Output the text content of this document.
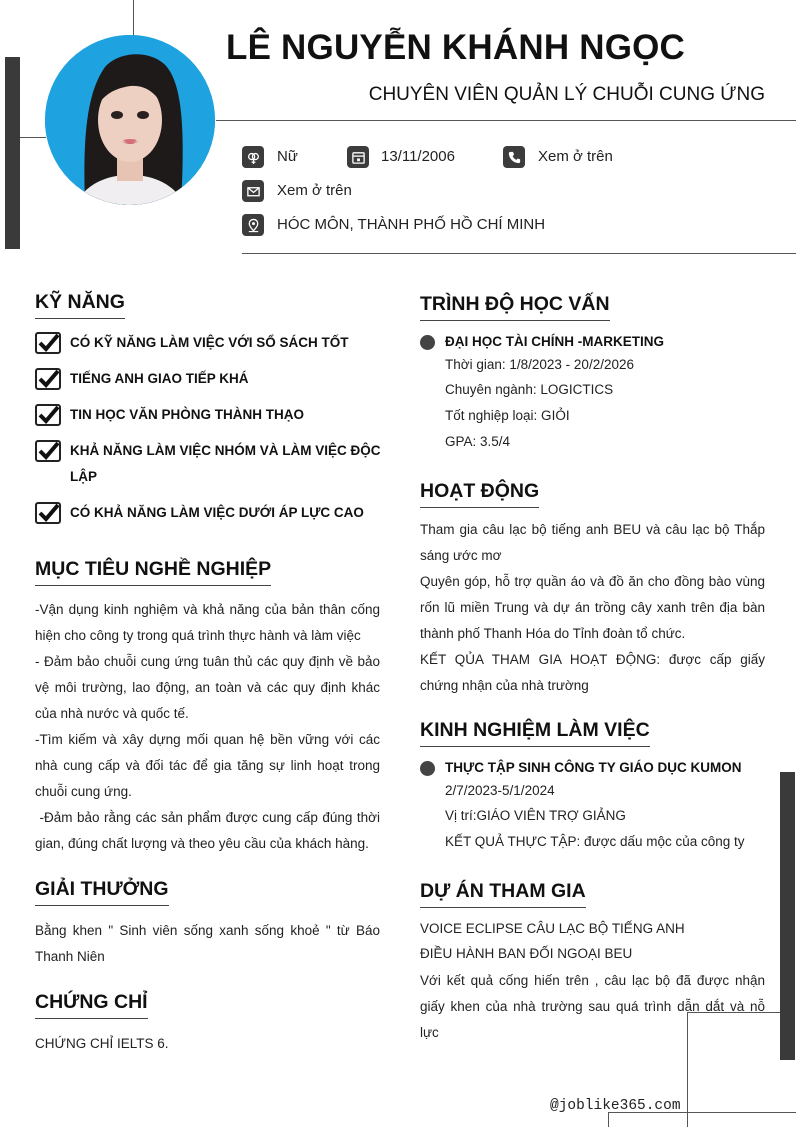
LÊ NGUYỄN KHÁNH NGỌC
CHUYÊN VIÊN QUẢN LÝ CHUỖI CUNG ỨNG
Nữ	13/11/2006	Xem ở trên
Xem ở trên
HÓC MÔN, THÀNH PHỐ HỒ CHÍ MINH
KỸ NĂNG
CÓ KỸ NĂNG LÀM VIỆC VỚI SỔ SÁCH TỐT
TIẾNG ANH GIAO TIẾP KHÁ
TIN HỌC VĂN PHÒNG THÀNH THẠO
KHẢ NĂNG LÀM VIỆC NHÓM VÀ LÀM VIỆC ĐỘC LẬP
CÓ KHẢ NĂNG LÀM VIỆC DƯỚI ÁP LỰC CAO
MỤC TIÊU NGHỀ NGHIỆP
-Vận dụng kinh nghiệm và khả năng của bản thân cống hiện cho công ty trong quá trình thực hành và làm việc
- Đảm bảo chuỗi cung ứng tuân thủ các quy định về bảo vệ môi trường, lao động, an toàn và các quy định khác của nhà nước và quốc tế.
-Tìm kiếm và xây dựng mối quan hệ bền vững với các nhà cung cấp và đối tác để gia tăng sự linh hoạt trong chuỗi cung ứng.
-Đảm bảo rằng các sản phẩm được cung cấp đúng thời gian, đúng chất lượng và theo yêu cầu của khách hàng.
GIẢI THƯỞNG
Bằng khen " Sinh viên sống xanh sống khoẻ " từ Báo Thanh Niên
CHỨNG CHỈ
CHỨNG CHỈ IELTS 6.
TRÌNH ĐỘ HỌC VẤN
ĐẠI HỌC TÀI CHÍNH -MARKETING
Thời gian: 1/8/2023 - 20/2/2026
Chuyên ngành: LOGICTICS
Tốt nghiệp loại: GIỎI
GPA: 3.5/4
HOẠT ĐỘNG
Tham gia câu lạc bộ tiếng anh BEU và câu lạc bộ Thắp sáng ước mơ
Quyên góp, hỗ trợ quần áo và đồ ăn cho đồng bào vùng rốn lũ miền Trung và dự án trồng cây xanh trên địa bàn thành phố Thanh Hóa do Tỉnh đoàn tổ chức.
KẾT QỦA THAM GIA HOẠT ĐỘNG: được cấp giấy chứng nhận của nhà trường
KINH NGHIỆM LÀM VIỆC
THỰC TẬP SINH CÔNG TY GIÁO DỤC KUMON
2/7/2023-5/1/2024
Vị trí:GIÁO VIÊN TRỢ GIẢNG
KẾT QUẢ THỰC TẬP: được dấu mộc của công ty
DỰ ÁN THAM GIA
VOICE ECLIPSE CÂU LẠC BỘ TIẾNG ANH
ĐIỀU HÀNH BAN ĐỐI NGOẠI BEU
Với kết quả cống hiến trên , câu lạc bộ đã được nhận giấy khen của nhà trường sau quá trình dẫn dắt và nỗ lực
@joblike365.com
